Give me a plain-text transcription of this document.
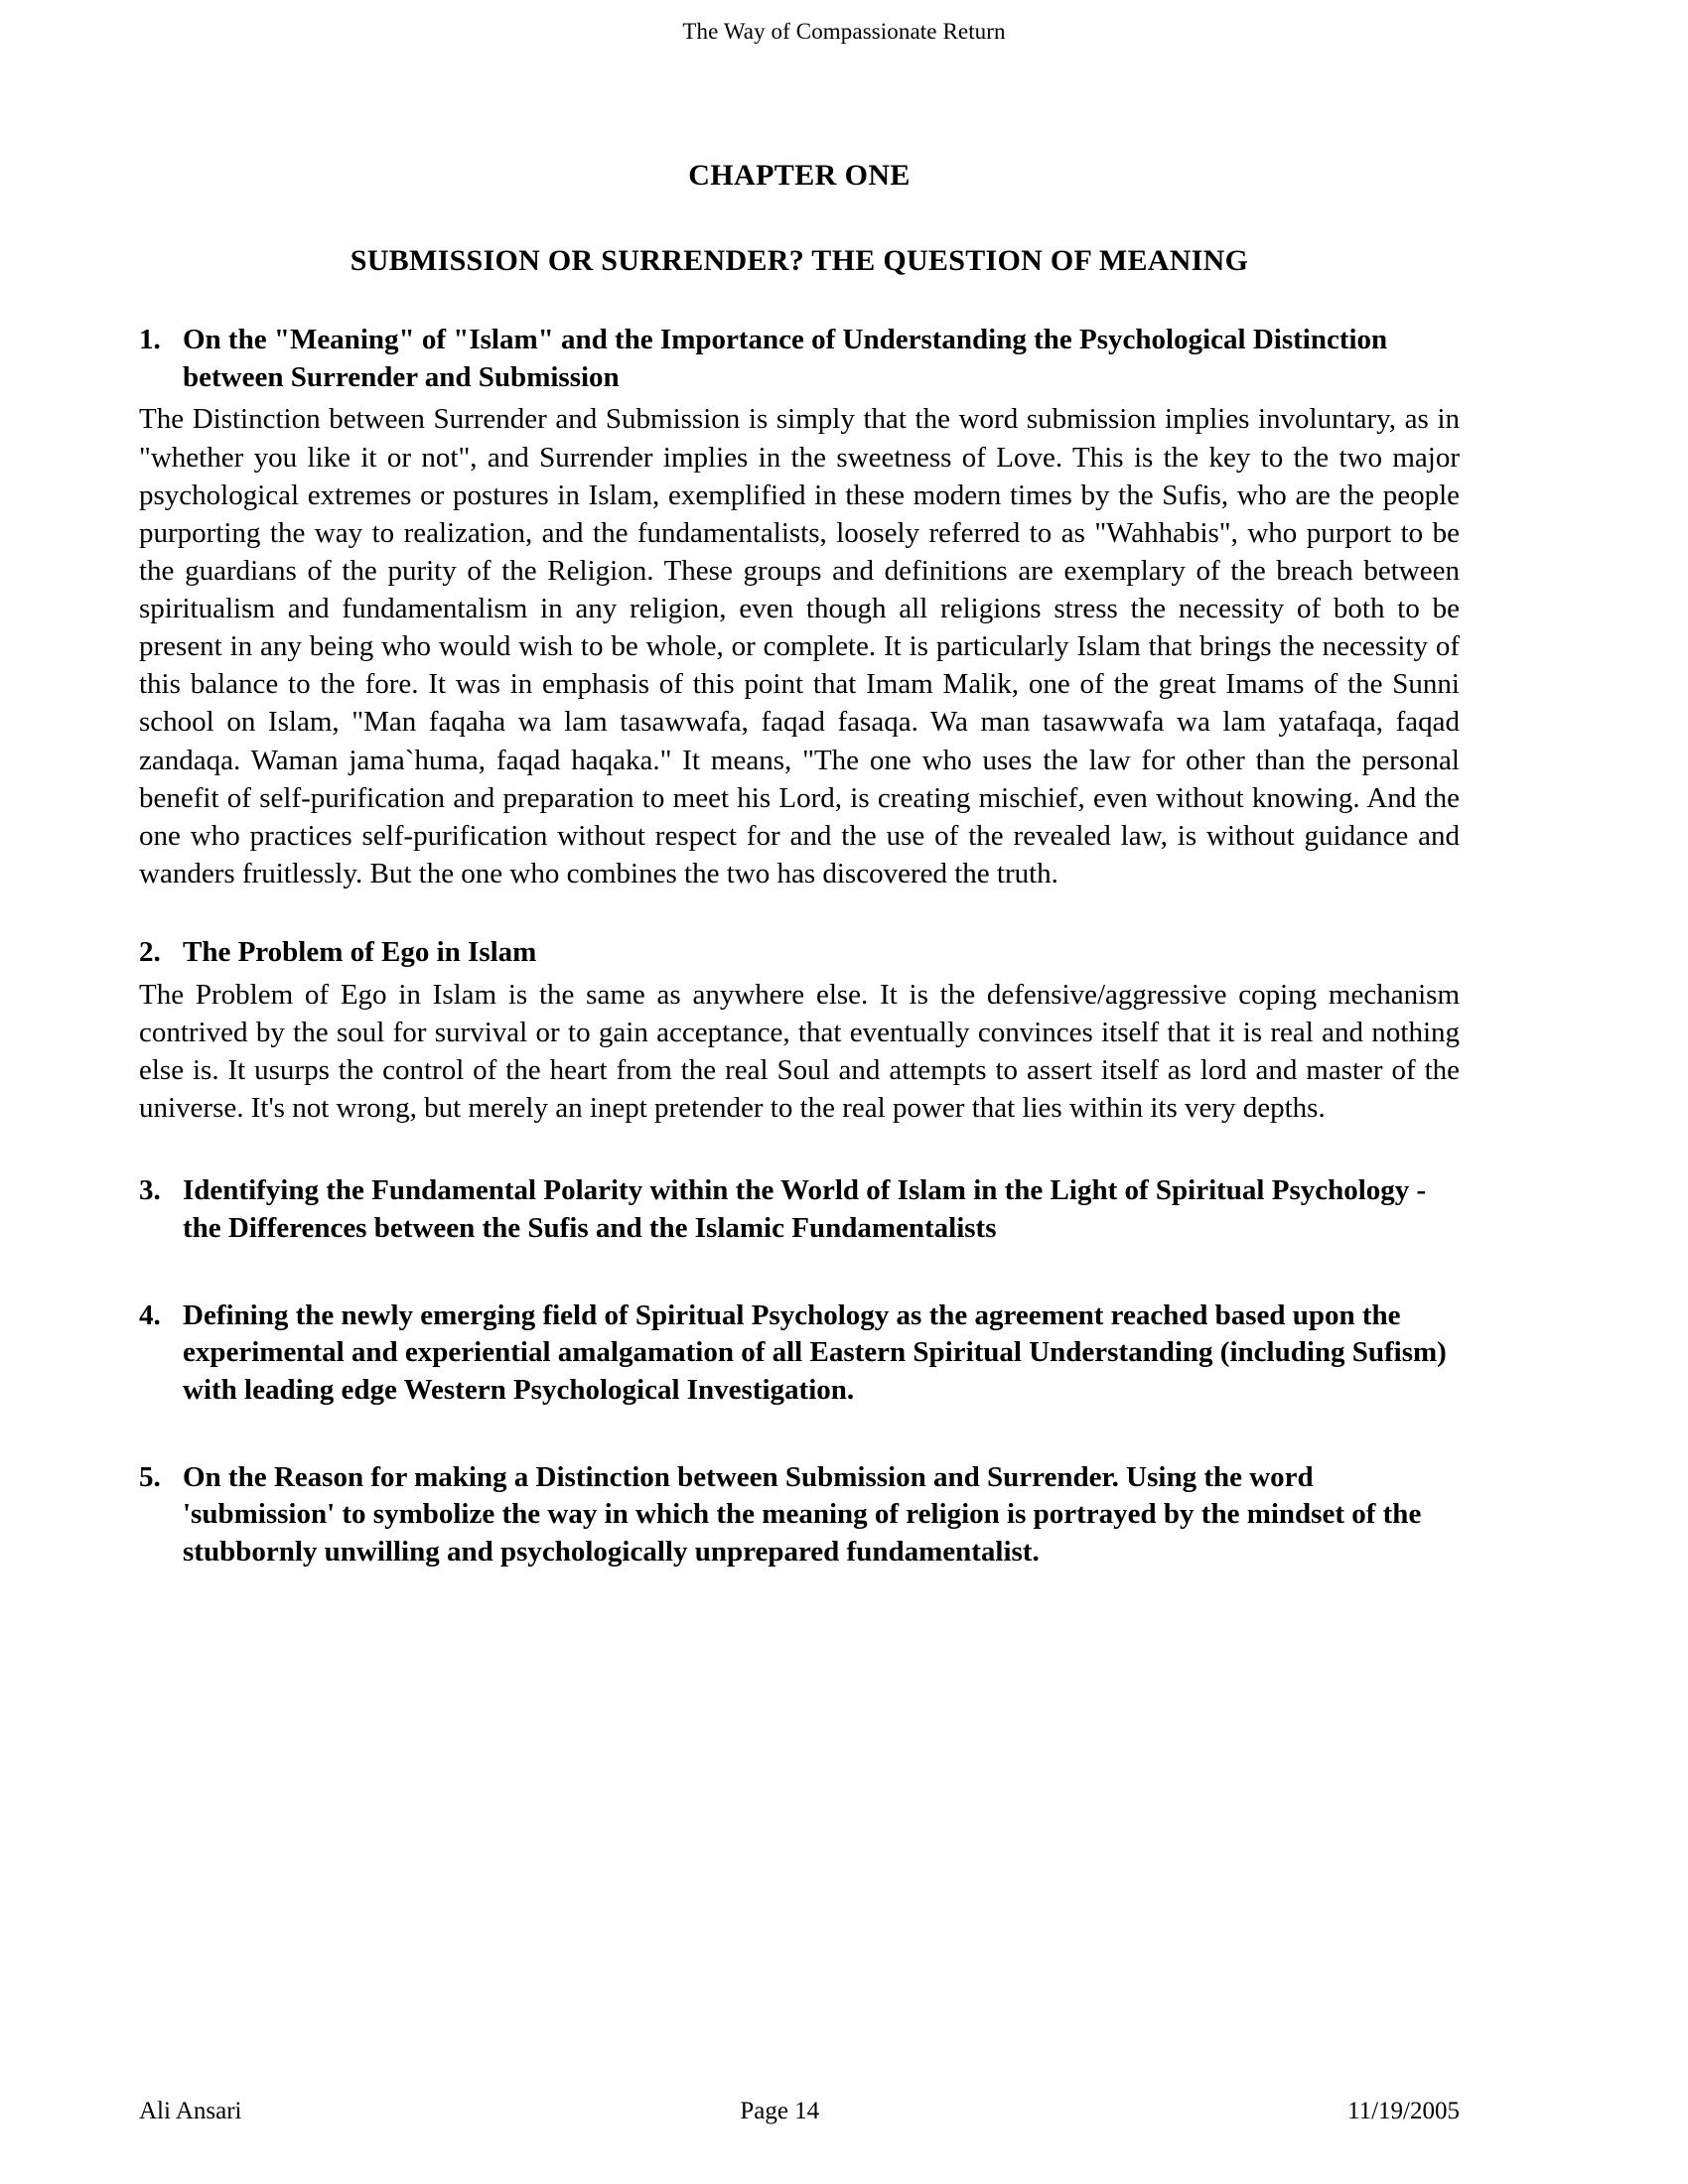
The Way of Compassionate Return
CHAPTER ONE
SUBMISSION OR SURRENDER? THE QUESTION OF MEANING
1. On the "Meaning" of "Islam" and the Importance of Understanding the Psychological Distinction between Surrender and Submission

The Distinction between Surrender and Submission is simply that the word submission implies involuntary, as in "whether you like it or not", and Surrender implies in the sweetness of Love. This is the key to the two major psychological extremes or postures in Islam, exemplified in these modern times by the Sufis, who are the people purporting the way to realization, and the fundamentalists, loosely referred to as "Wahhabis", who purport to be the guardians of the purity of the Religion. These groups and definitions are exemplary of the breach between spiritualism and fundamentalism in any religion, even though all religions stress the necessity of both to be present in any being who would wish to be whole, or complete. It is particularly Islam that brings the necessity of this balance to the fore. It was in emphasis of this point that Imam Malik, one of the great Imams of the Sunni school on Islam, "Man faqaha wa lam tasawwafa, faqad fasaqa. Wa man tasawwafa wa lam yatafaqa, faqad zandaqa. Waman jama`huma, faqad haqaka." It means, "The one who uses the law for other than the personal benefit of self-purification and preparation to meet his Lord, is creating mischief, even without knowing. And the one who practices self-purification without respect for and the use of the revealed law, is without guidance and wanders fruitlessly. But the one who combines the two has discovered the truth.

2. The Problem of Ego in Islam

The Problem of Ego in Islam is the same as anywhere else. It is the defensive/aggressive coping mechanism contrived by the soul for survival or to gain acceptance, that eventually convinces itself that it is real and nothing else is. It usurps the control of the heart from the real Soul and attempts to assert itself as lord and master of the universe. It's not wrong, but merely an inept pretender to the real power that lies within its very depths.

3. Identifying the Fundamental Polarity within the World of Islam in the Light of Spiritual Psychology - the Differences between the Sufis and the Islamic Fundamentalists
4. Defining the newly emerging field of Spiritual Psychology as the agreement reached based upon the experimental and experiential amalgamation of all Eastern Spiritual Understanding (including Sufism) with leading edge Western Psychological Investigation.
5. On the Reason for making a Distinction between Submission and Surrender. Using the word 'submission' to symbolize the way in which the meaning of religion is portrayed by the mindset of the stubbornly unwilling and psychologically unprepared fundamentalist.
Ali Ansari	Page 14	11/19/2005
